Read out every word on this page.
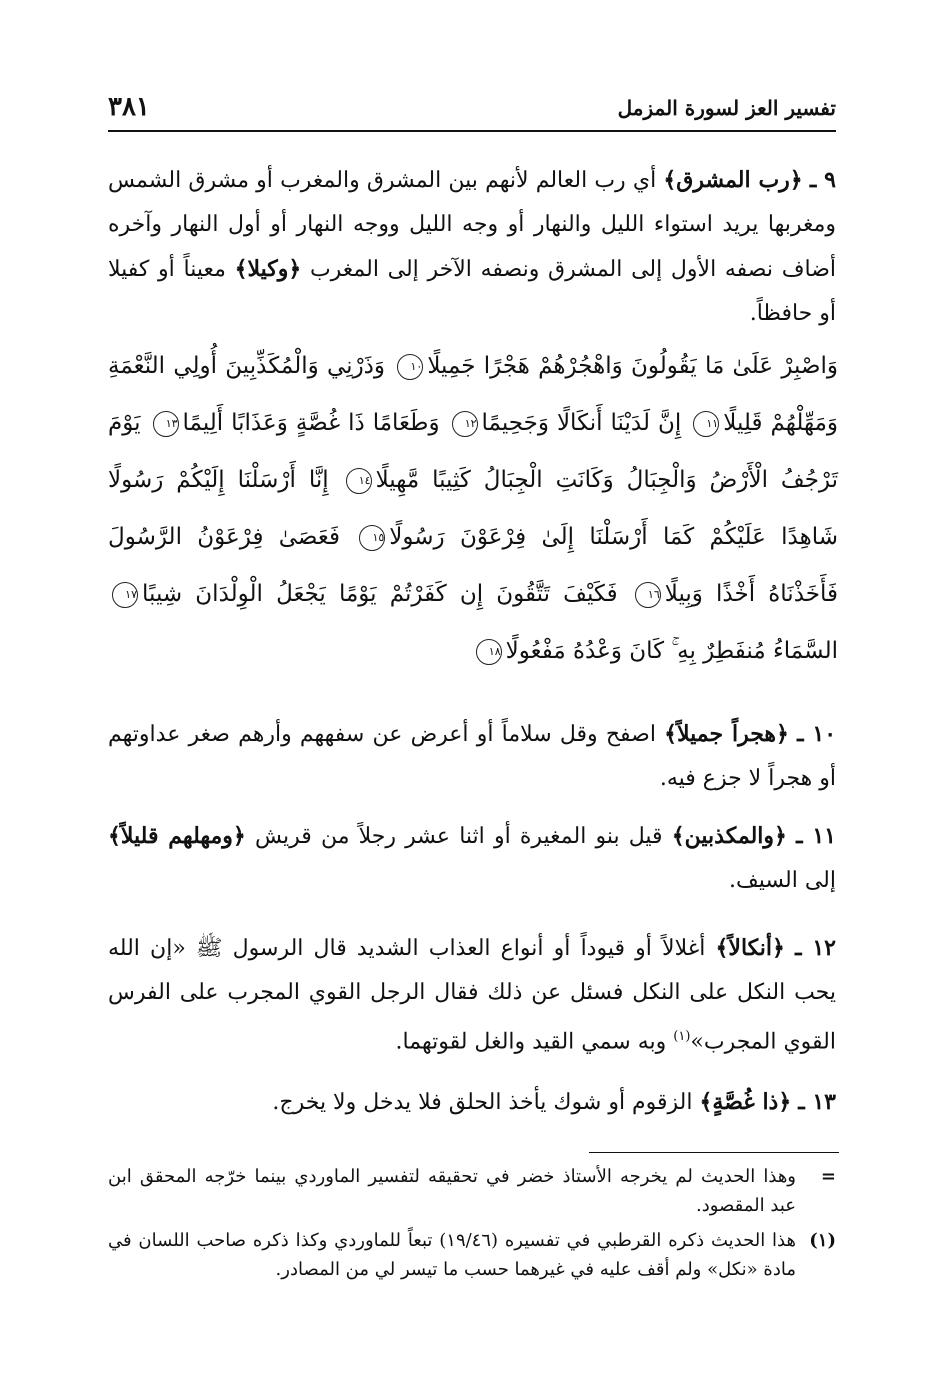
تفسير العز لسورة المزمل
٣٨١

٩ ـ ﴿رب المشرق﴾ أي رب العالم لأنهم بين المشرق والمغرب أو مشرق الشمس ومغربها يريد استواء الليل والنهار أو وجه الليل ووجه النهار أو أول النهار وآخره أضاف نصفه الأول إلى المشرق ونصفه الآخر إلى المغرب ﴿وكيلا﴾ معيناً أو كفيلا أو حافظاً.

وَاصْبِرْ عَلَىٰ مَا يَقُولُونَ وَاهْجُرْهُمْ هَجْرًا جَمِيلًا١٠ وَذَرْنِي وَالْمُكَذِّبِينَ أُولِي النَّعْمَةِ وَمَهِّلْهُمْ قَلِيلًا١١ إِنَّ لَدَيْنَا أَنكَالًا وَجَحِيمًا١٢ وَطَعَامًا ذَا غُصَّةٍ وَعَذَابًا أَلِيمًا١٣ يَوْمَ تَرْجُفُ الْأَرْضُ وَالْجِبَالُ وَكَانَتِ الْجِبَالُ كَثِيبًا مَّهِيلًا١٤ إِنَّا أَرْسَلْنَا إِلَيْكُمْ رَسُولًا شَاهِدًا عَلَيْكُمْ كَمَا أَرْسَلْنَا إِلَىٰ فِرْعَوْنَ رَسُولًا١٥ فَعَصَىٰ فِرْعَوْنُ الرَّسُولَ فَأَخَذْنَاهُ أَخْذًا وَبِيلًا١٦ فَكَيْفَ تَتَّقُونَ إِن كَفَرْتُمْ يَوْمًا يَجْعَلُ الْوِلْدَانَ شِيبًا١٧ السَّمَاءُ مُنفَطِرٌ بِهِ ۚ كَانَ وَعْدُهُ مَفْعُولًا١٨

١٠ ـ ﴿هجراً جميلاً﴾ اصفح وقل سلاماً أو أعرض عن سفههم وأرهم صغر عداوتهم أو هجراً لا جزع فيه.

١١ ـ ﴿والمكذبين﴾ قيل بنو المغيرة أو اثنا عشر رجلاً من قريش ﴿ومهلهم قليلاً﴾ إلى السيف.

١٢ ـ ﴿أنكالاً﴾ أغلالاً أو قيوداً أو أنواع العذاب الشديد قال الرسول ﷺ «إن الله يحب النكل على النكل فسئل عن ذلك فقال الرجل القوي المجرب على الفرس القوي المجرب»$^{(١)}$ وبه سمي القيد والغل لقوتهما.

١٣ ـ ﴿ذا غُصَّةٍ﴾ الزقوم أو شوك يأخذ الحلق فلا يدخل ولا يخرج.

=
وهذا الحديث لم يخرجه الأستاذ خضر في تحقيقه لتفسير الماوردي بينما خرّجه المحقق ابن عبد المقصود.
(١)
هذا الحديث ذكره القرطبي في تفسيره (١٩/٤٦) تبعاً للماوردي وكذا ذكره صاحب اللسان في مادة «نكل» ولم أقف عليه في غيرهما حسب ما تيسر لي من المصادر.
